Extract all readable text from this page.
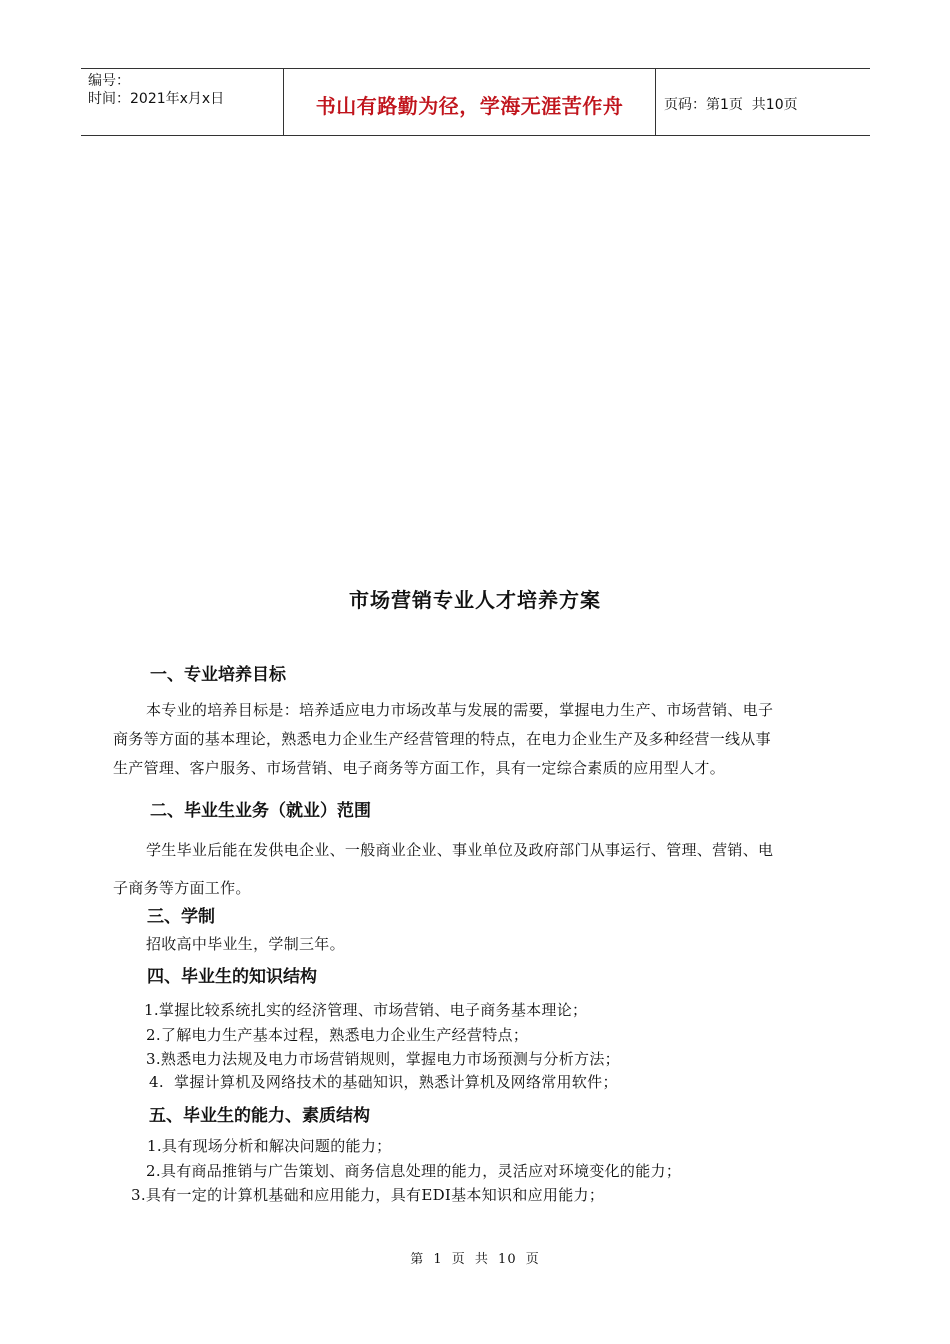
编号：
时间：2021年x月x日	书山有路勤为径，学海无涯苦作舟	页码：第1页  共10页
市场营销专业人才培养方案
一、专业培养目标
本专业的培养目标是：培养适应电力市场改革与发展的需要，掌握电力生产、市场营销、电子
商务等方面的基本理论，熟悉电力企业生产经营管理的特点，在电力企业生产及多种经营一线从事
生产管理、客户服务、市场营销、电子商务等方面工作，具有一定综合素质的应用型人才。
二、毕业生业务（就业）范围
学生毕业后能在发供电企业、一般商业企业、事业单位及政府部门从事运行、管理、营销、电
子商务等方面工作。
三、学制
招收高中毕业生，学制三年。
四、毕业生的知识结构
1.掌握比较系统扎实的经济管理、市场营销、电子商务基本理论；
2.了解电力生产基本过程，熟悉电力企业生产经营特点；
3.熟悉电力法规及电力市场营销规则，掌握电力市场预测与分析方法；
4.  掌握计算机及网络技术的基础知识，熟悉计算机及网络常用软件；
五、毕业生的能力、素质结构
1.具有现场分析和解决问题的能力；
2.具有商品推销与广告策划、商务信息处理的能力，灵活应对环境变化的能力；
3.具有一定的计算机基础和应用能力，具有EDI基本知识和应用能力；
第 1 页 共 10 页
